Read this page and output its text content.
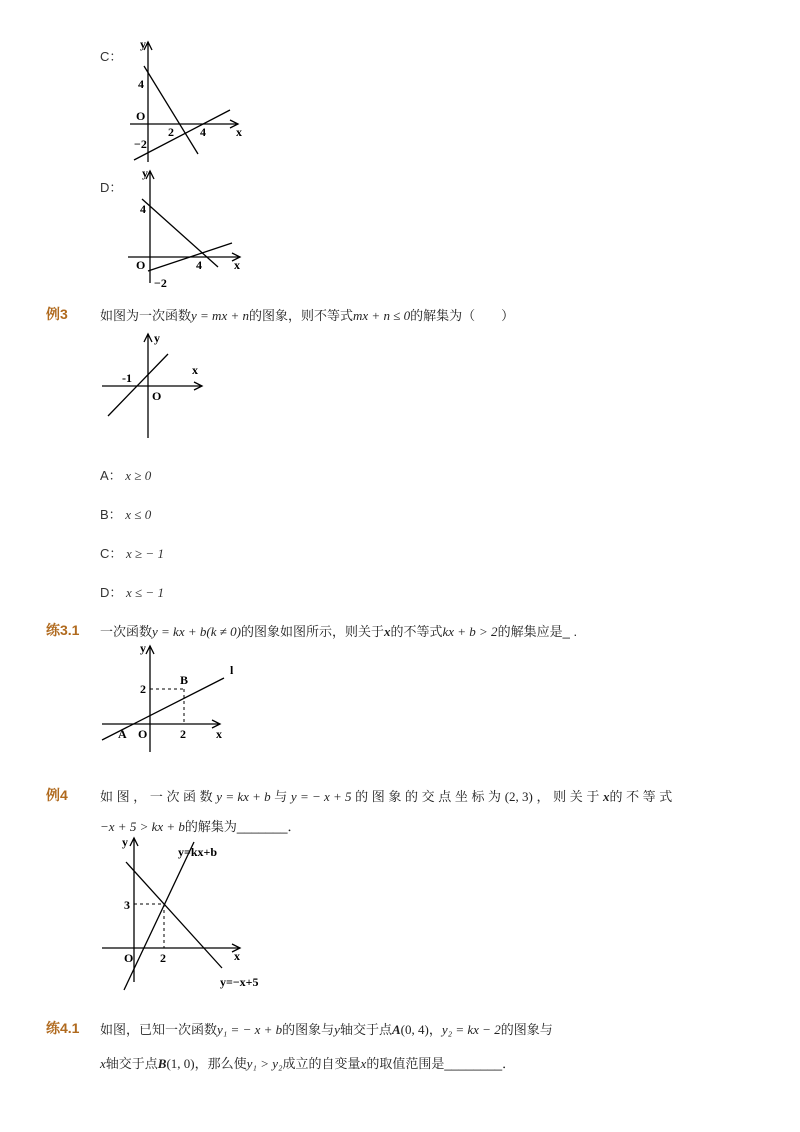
C：
y
x
4
O
2 4
−2
D：
y
x
4
O	4
−2
例3 如图为一次函数y = mx + n的图象，则不等式mx + n ≤ 0的解集为（　　）
y
x
-1
O
A： x ≥ 0
B： x ≤ 0
C： x ≥ − 1
D： x ≤ − 1
练3.1 一次函数y = kx + b(k ≠ 0)的图象如图所示，则关于x的不等式kx + b > 2的解集应是_ .
y
x
l
B
2
A O	2
例4 如 图 ， 一 次 函 数 y = kx + b 与 y = − x + 5 的 图 象 的 交 点 坐 标 为 (2, 3) ， 则 关 于 x的 不 等 式
−x + 5 > kx + b的解集为_______．
y
x
y=kx+b
3
O 2
y=−x+5
练4.1 如图，已知一次函数y₁ = − x + b的图象与y轴交于点A(0, 4)，y₂ = kx − 2的图象与
x轴交于点B(1, 0)，那么使y₁ > y₂成立的自变量x的取值范围是________．
